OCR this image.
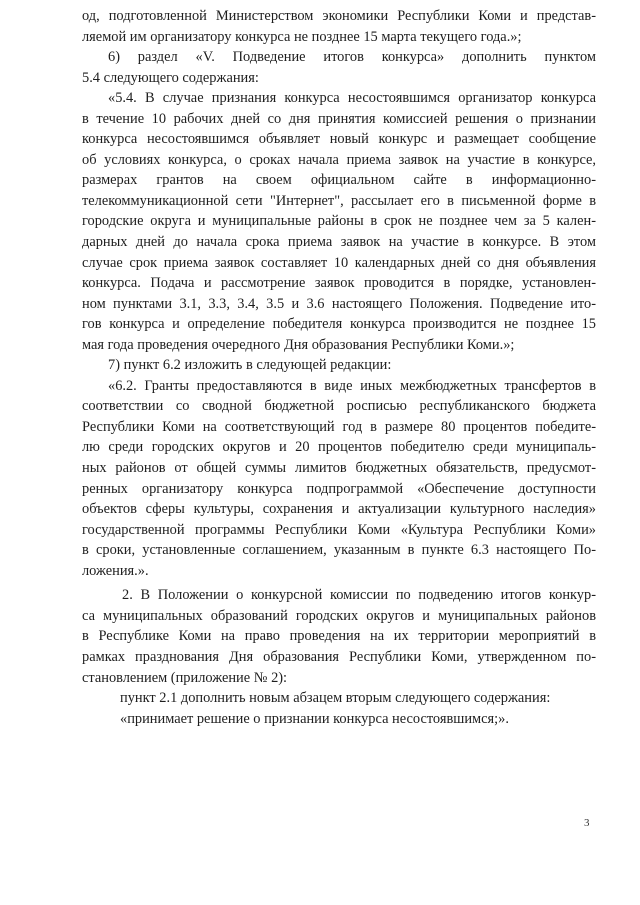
од, подготовленной Министерством экономики Республики Коми и представ-
ляемой им организатору конкурса не позднее 15 марта текущего года.»;
6) раздел «V. Подведение итогов конкурса» дополнить пунктом
5.4 следующего содержания:
«5.4. В случае признания конкурса несостоявшимся организатор конкурса
в течение 10 рабочих дней со дня принятия комиссией решения о признании
конкурса несостоявшимся объявляет новый конкурс и размещает сообщение
об условиях конкурса, о сроках начала приема заявок на участие в конкурсе,
размерах грантов на своем официальном сайте в информационно-
телекоммуникационной сети "Интернет", рассылает его в письменной форме в
городские округа и муниципальные районы в срок не позднее чем за 5 кален-
дарных дней до начала срока приема заявок на участие в конкурсе. В этом
случае срок приема заявок составляет 10 календарных дней со дня объявления
конкурса. Подача и рассмотрение заявок проводится в порядке, установлен-
ном пунктами 3.1, 3.3, 3.4, 3.5 и 3.6 настоящего Положения. Подведение ито-
гов конкурса и определение победителя конкурса производится не позднее 15
мая года проведения очередного Дня образования Республики Коми.»;
7) пункт 6.2 изложить в следующей редакции:
«6.2. Гранты предоставляются в виде иных межбюджетных трансфертов в
соответствии со сводной бюджетной росписью республиканского бюджета
Республики Коми на соответствующий год в размере 80 процентов победите-
лю среди городских округов и 20 процентов победителю среди муниципаль-
ных районов от общей суммы лимитов бюджетных обязательств, предусмот-
ренных организатору конкурса подпрограммой «Обеспечение доступности
объектов сферы культуры, сохранения и актуализации культурного наследия»
государственной программы Республики Коми «Культура Республики Коми»
в сроки, установленные соглашением, указанным в пункте 6.3 настоящего По-
ложения.».
2. В Положении о конкурсной комиссии по подведению итогов конкур-
са муниципальных образований городских округов и муниципальных районов
в Республике Коми на право проведения на их территории мероприятий в
рамках празднования Дня образования Республики Коми, утвержденном по-
становлением (приложение № 2):
пункт 2.1 дополнить новым абзацем вторым следующего содержания:
«принимает решение о признании конкурса несостоявшимся;».
3
